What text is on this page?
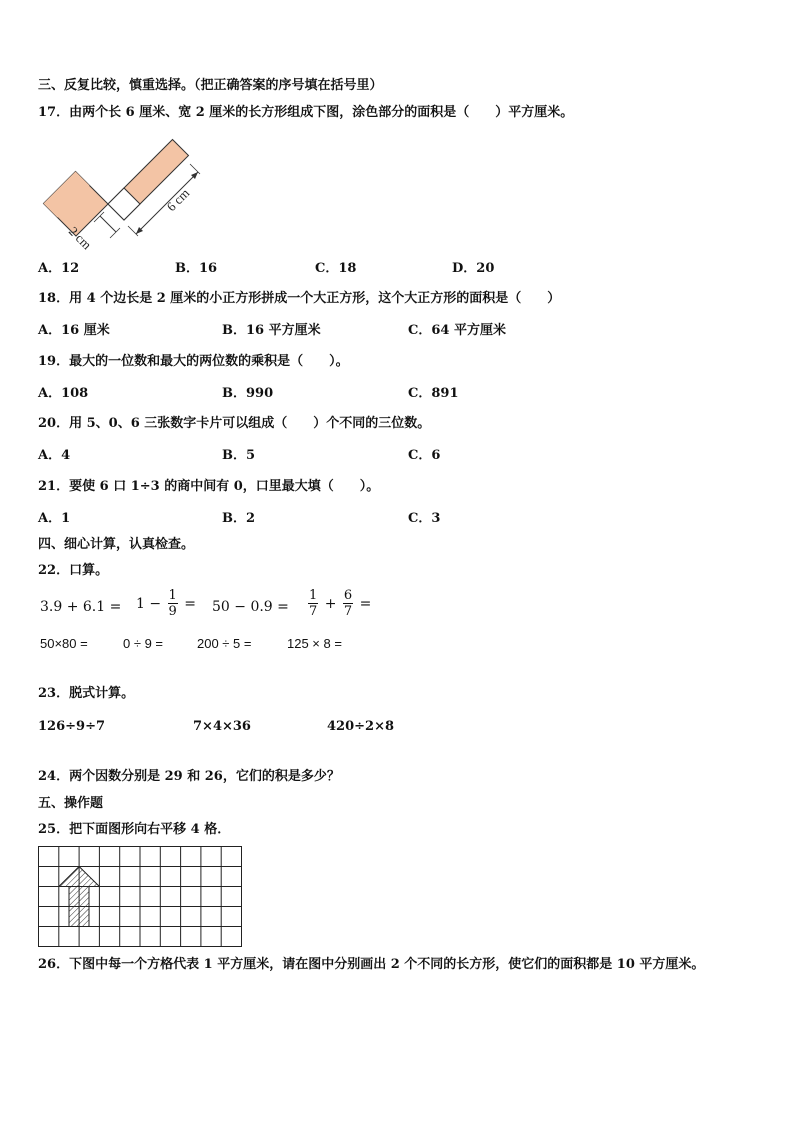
三、反复比较，慎重选择。（把正确答案的序号填在括号里）
17．由两个长 6 厘米、宽 2 厘米的长方形组成下图，涂色部分的面积是（　　）平方厘米。
6 cm
2 cm
A．12	B．16	C．18	D．20
18．用 4 个边长是 2 厘米的小正方形拼成一个大正方形，这个大正方形的面积是（　　）
A．16 厘米	B．16 平方厘米	C．64 平方厘米
19．最大的一位数和最大的两位数的乘积是（　　）。
A．108	B．990	C．891
20．用 5、0、6 三张数字卡片可以组成（　　）个不同的三位数。
A．4	B．5	C．6
21．要使 6 口 1÷3 的商中间有 0，口里最大填（　　）。
A．1	B．2	C．3
四、细心计算，认真检查。
22．口算。
$3.9 + 6.1 = 1 - \frac{1}{9} = 50 - 0.9 = \frac{1}{7} + \frac{6}{7}$ =
50×80 =	0 ÷ 9 =	200 ÷ 5 =	125 × 8 =
23．脱式计算。
126÷9÷7	7×4×36	420÷2×8
24．两个因数分别是 29 和 26，它们的积是多少？
五、操作题
25．把下面图形向右平移 4 格．
26．下图中每一个方格代表 1 平方厘米，请在图中分别画出 2 个不同的长方形，使它们的面积都是 10 平方厘米。
